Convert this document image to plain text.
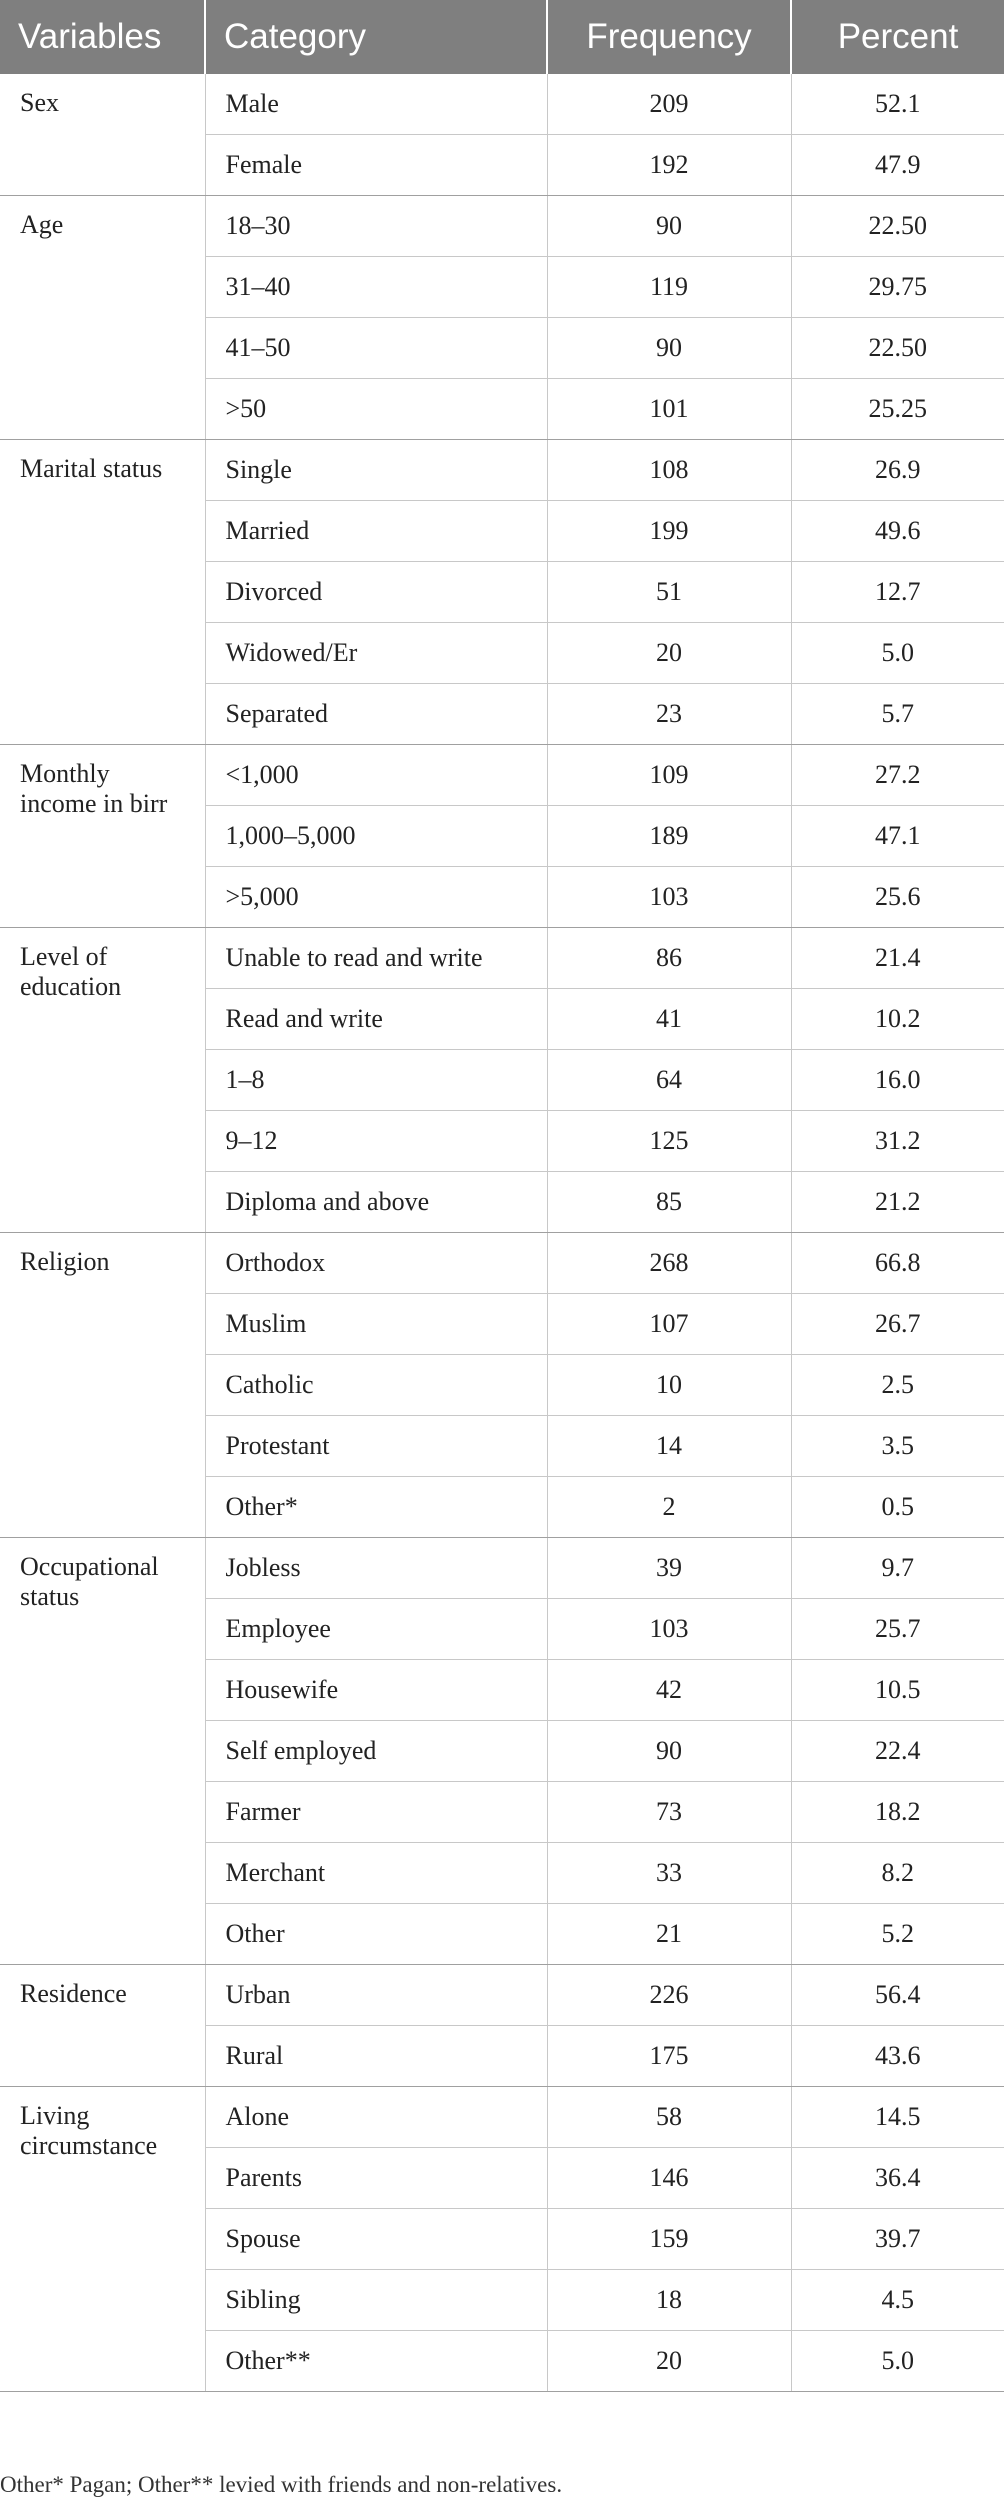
Variables	Category	Frequency	Percent
Sex	Male	209	52.1
	Female	192	47.9
Age	18–30	90	22.50
	31–40	119	29.75
	41–50	90	22.50
	>50	101	25.25
Marital status	Single	108	26.9
	Married	199	49.6
	Divorced	51	12.7
	Widowed/Er	20	5.0
	Separated	23	5.7
Monthly income in birr	<1,000	109	27.2
	1,000–5,000	189	47.1
	>5,000	103	25.6
Level of education	Unable to read and write	86	21.4
	Read and write	41	10.2
	1–8	64	16.0
	9–12	125	31.2
	Diploma and above	85	21.2
Religion	Orthodox	268	66.8
	Muslim	107	26.7
	Catholic	10	2.5
	Protestant	14	3.5
	Other*	2	0.5
Occupational status	Jobless	39	9.7
	Employee	103	25.7
	Housewife	42	10.5
	Self employed	90	22.4
	Farmer	73	18.2
	Merchant	33	8.2
	Other	21	5.2
Residence	Urban	226	56.4
	Rural	175	43.6
Living circumstance	Alone	58	14.5
	Parents	146	36.4
	Spouse	159	39.7
	Sibling	18	4.5
	Other**	20	5.0
Other* Pagan; Other** levied with friends and non-relatives.
